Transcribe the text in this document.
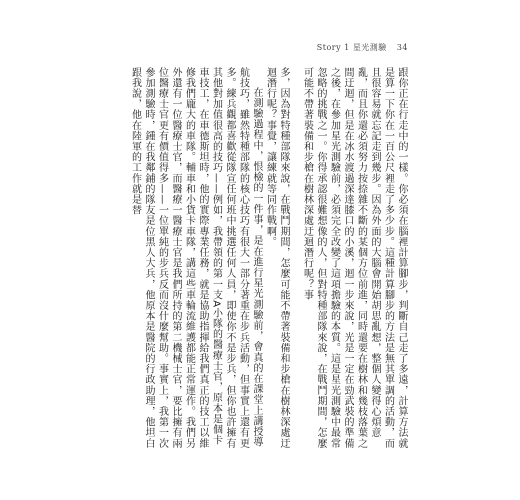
Story 1 星光測驗 34

跟你正在行走中的一樣。你必須在腦裡計算腳步，判斷自己走了多遠，計算方法就是算一下你在一百公尺裡走了多少步。這種計算腳步的方法是無其單調的活動，而且很容易就忘記走到幾步。因為外面的大腦會開始胡思亂想，整個人變得心煩意亂，而且你還必須努力按捺雜不斷的某個方位前進，同時還要在樹林和幾枝落葉之間迂迴，但是在冰水渡過深達膝口的小溪，迴一步來說，光是一定在勁武裝的準備之後，在參加星光測驗前，必須完全改變了這項擔驗的本質。這是星光測驗中最常忽略的挑戰之一。你得承認很難想像的人，但對特種部隊來說，在戰鬥期間，怎麼可能不帶著裝備和步槍在樹林深處迂迴潛行呢？事

多，因為對特種部隊來說，在戰鬥期間，怎麼可能不帶著裝備和步槍在樹林深處迂迴潛行呢？事覺，讓練就等同作戰啊。

在測驗過程中，恨檢的一件事，是在進行星光測驗前，會真的在課堂上講授導航技巧，雖然特種部隊的核心技巧有很大一部分著重在步兵活動，但事實上還有更多。練兵觀都喜歡從隊宣任何班中挑選任何人員，即使你不是步兵，但你也許擁有其他對加值很高的技巧——例如，我帶領的第一支A小隊的醫療士官，原本是個卡車技工，在車德斯坦時，他的實際專業任務，就是協助指揮給我們真正的技工以維修我們龐大的車隊。輔車和小貨卡車隊，講這些車輪流維護都能正常運作。我們另外還有一位醫療士官，而醫療一醫療士官是我們所持的第二機械士官，要比擁有兩位醫療士官更有價值得多——一位單純的步兵反而沒什麼幫助。事實上，我第一次參加測驗時，鍾在我鄰鋪的隊友是位黑人大兵，他原本是醫院的行政助理，他坦白跟我說，他在陸軍的工作就是替
